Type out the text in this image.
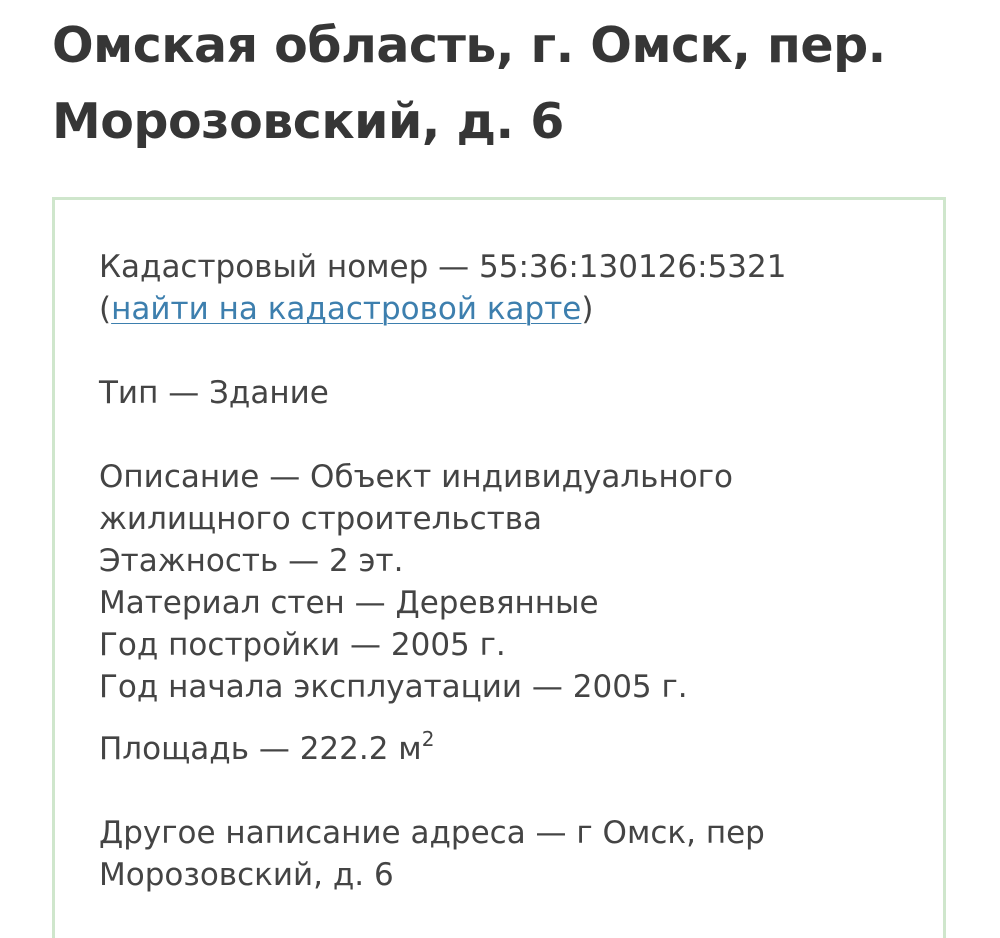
Омская область, г. Омск, пер.
Морозовский, д. 6
Кадастровый номер — 55:36:130126:5321
(найти на кадастровой карте)
Тип — Здание
Описание — Объект индивидуального
жилищного строительства
Этажность — 2 эт.
Материал стен — Деревянные
Год постройки — 2005 г.
Год начала эксплуатации — 2005 г.
Площадь — 222.2 $м^2$
Другое написание адреса — г Омск, пер
Морозовский, д. 6
